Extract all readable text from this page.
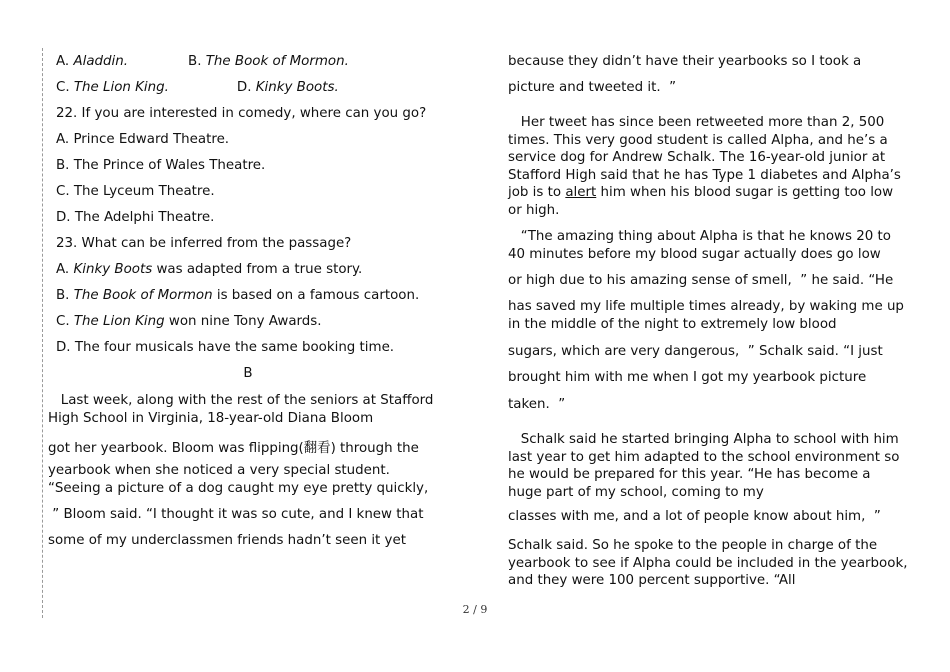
A. Aladdin.	B. The Book of Mormon.
C. The Lion King.	D. Kinky Boots.
22. If you are interested in comedy, where can you go?
A. Prince Edward Theatre.
B. The Prince of Wales Theatre.
C. The Lyceum Theatre.
D. The Adelphi Theatre.
23. What can be inferred from the passage?
A. Kinky Boots was adapted from a true story.
B. The Book of Mormon is based on a famous cartoon.
C. The Lion King won nine Tony Awards.
D. The four musicals have the same booking time.
B
Last week, along with the rest of the seniors at Stafford High School in Virginia, 18-year-old Diana Bloom
got her yearbook. Bloom was flipping(翻看) through the
yearbook when she noticed a very special student. “Seeing a picture of a dog caught my eye pretty quickly,
” Bloom said. “I thought it was so cute, and I knew that
some of my underclassmen friends hadn’t seen it yet
because they didn’t have their yearbooks so I took a
picture and tweeted it.  ”
Her tweet has since been retweeted more than 2, 500 times. This very good student is called Alpha, and he’s a service dog for Andrew Schalk. The 16-year-old junior at Stafford High said that he has Type 1 diabetes and Alpha’s job is to alert him when his blood sugar is getting too low or high.
“The amazing thing about Alpha is that he knows 20 to 40 minutes before my blood sugar actually does go low
or high due to his amazing sense of smell,  ” he said. “He
has saved my life multiple times already, by waking me up in the middle of the night to extremely low blood
sugars, which are very dangerous,  ” Schalk said. “I just
brought him with me when I got my yearbook picture
taken.  ”
Schalk said he started bringing Alpha to school with him last year to get him adapted to the school environment so he would be prepared for this year. “He has become a huge part of my school, coming to my
classes with me, and a lot of people know about him,  ”
Schalk said. So he spoke to the people in charge of the yearbook to see if Alpha could be included in the yearbook, and they were 100 percent supportive. “All
2 / 9
